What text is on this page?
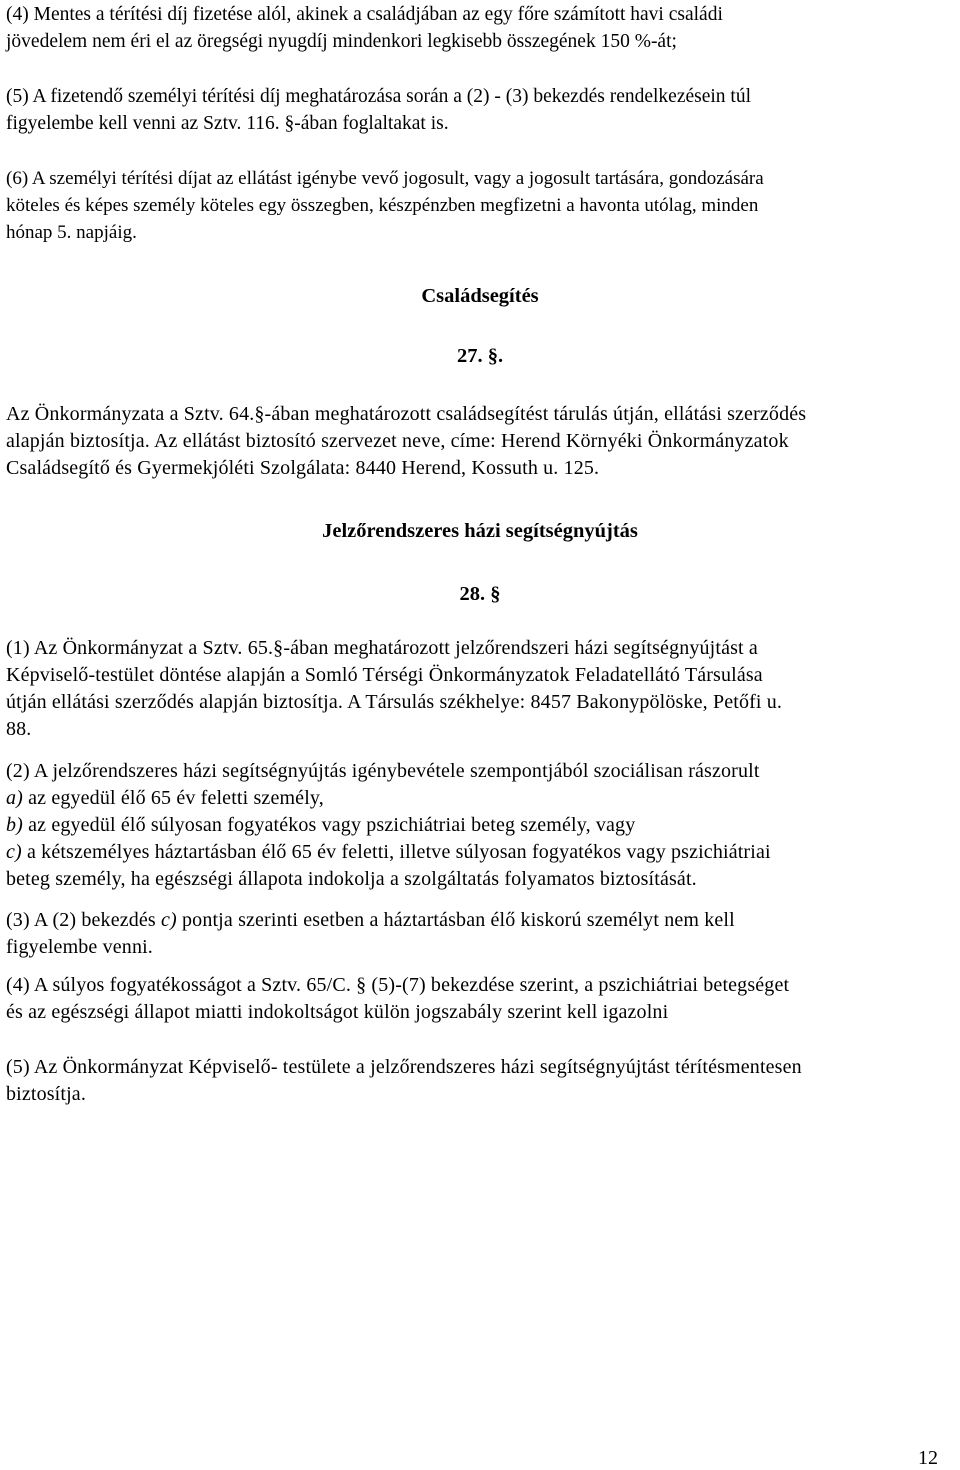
(4) Mentes a térítési díj fizetése alól, akinek a családjában az egy főre számított havi családi

jövedelem nem éri el az öregségi nyugdíj mindenkori legkisebb összegének 150 %-át;

(5) A fizetendő személyi térítési díj meghatározása során a (2) - (3) bekezdés rendelkezésein túl

figyelembe kell venni az Sztv. 116. §-ában foglaltakat is.

(6) A személyi térítési díjat az ellátást igénybe vevő jogosult, vagy a jogosult tartására, gondozására

köteles és képes személy köteles egy összegben, készpénzben megfizetni a havonta utólag, minden

hónap 5. napjáig.

Családsegítés
27. §.

Az Önkormányzata a Sztv. 64.§-ában meghatározott családsegítést tárulás útján, ellátási szerződés

alapján biztosítja. Az ellátást biztosító szervezet neve, címe: Herend Környéki Önkormányzatok

Családsegítő és Gyermekjóléti Szolgálata: 8440 Herend, Kossuth u. 125.

Jelzőrendszeres házi segítségnyújtás
28. §

(1) Az Önkormányzat a Sztv. 65.§-ában meghatározott jelzőrendszeri házi segítségnyújtást a

Képviselő-testület döntése alapján a Somló Térségi Önkormányzatok Feladatellátó Társulása

útján ellátási szerződés alapján biztosítja. A Társulás székhelye: 8457 Bakonypölöske, Petőfi u.

88.

(2) A jelzőrendszeres házi segítségnyújtás igénybevétele szempontjából szociálisan rászorult

a) az egyedül élő 65 év feletti személy,

b) az egyedül élő súlyosan fogyatékos vagy pszichiátriai beteg személy, vagy

c) a kétszemélyes háztartásban élő 65 év feletti, illetve súlyosan fogyatékos vagy pszichiátriai

beteg személy, ha egészségi állapota indokolja a szolgáltatás folyamatos biztosítását.

(3) A (2) bekezdés c) pontja szerinti esetben a háztartásban élő kiskorú személyt nem kell

figyelembe venni.

(4) A súlyos fogyatékosságot a Sztv. 65/C. § (5)-(7) bekezdése szerint, a pszichiátriai betegséget

és az egészségi állapot miatti indokoltságot külön jogszabály szerint kell igazolni

(5) Az Önkormányzat Képviselő- testülete a jelzőrendszeres házi segítségnyújtást térítésmentesen

biztosítja.

12
